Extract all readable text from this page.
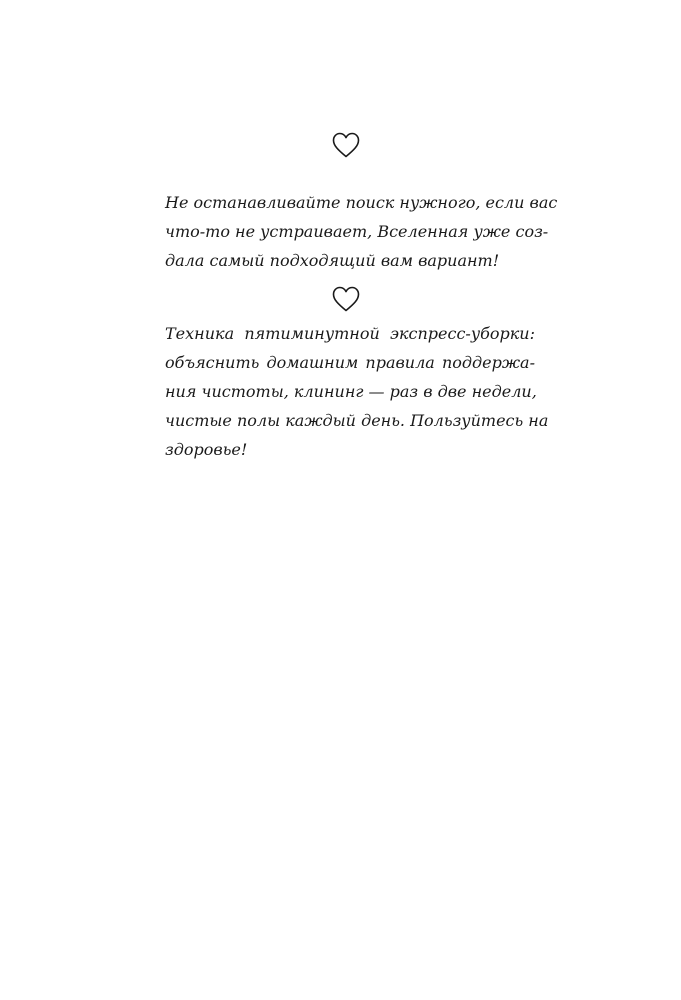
Не останавливайте поиск нужного, если вас
что-то не устраивает, Вселенная уже соз-
дала самый подходящий вам вариант!

Техника пятиминутной экспресс-уборки:
объяснить домашним правила поддержа-
ния чистоты, клининг — раз в две недели,
чистые полы каждый день. Пользуйтесь на
здоровье!
